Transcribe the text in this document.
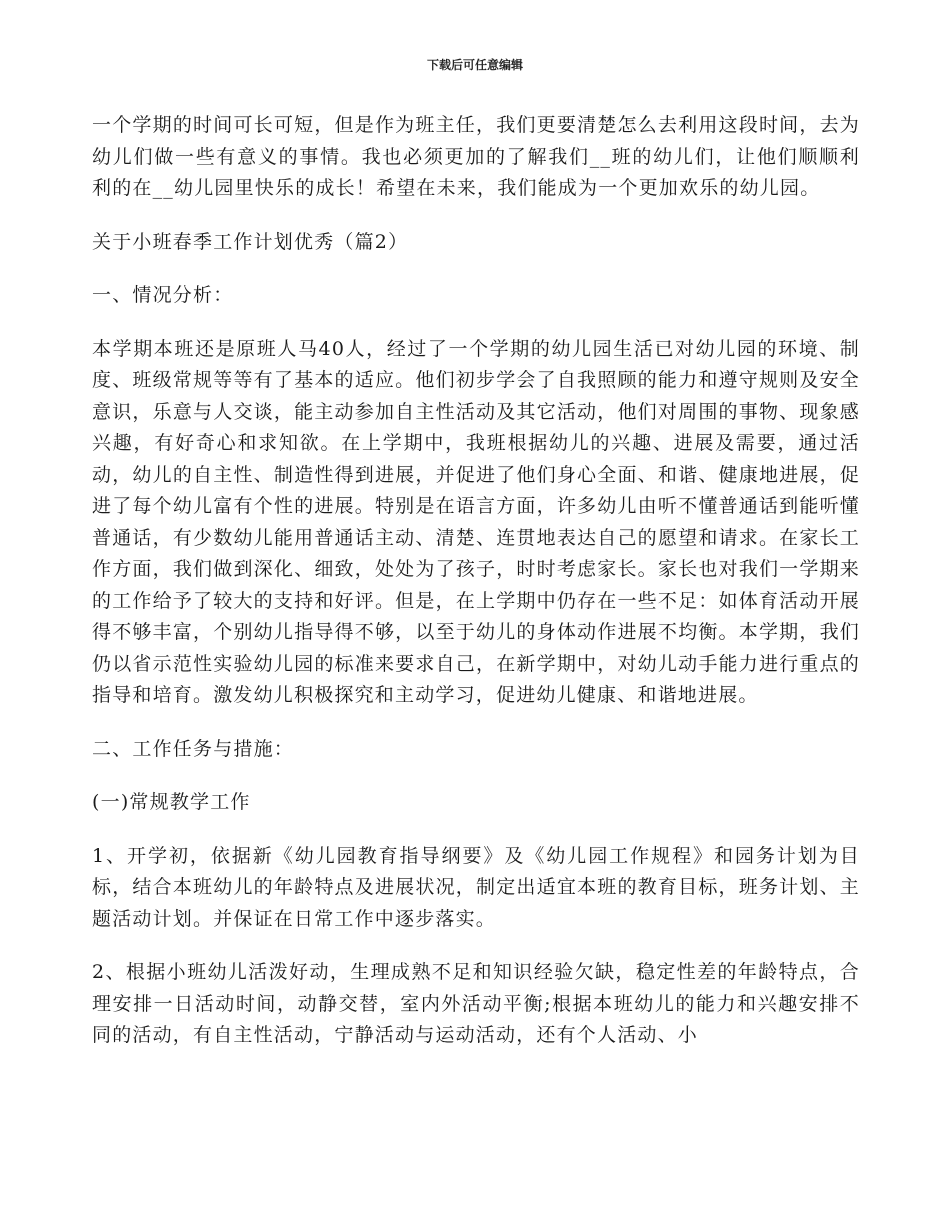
下载后可任意编辑

一个学期的时间可长可短，但是作为班主任，我们更要清楚怎么去利用这段时间，去为幼儿们做一些有意义的事情。我也必须更加的了解我们__班的幼儿们，让他们顺顺利利的在__幼儿园里快乐的成长！希望在未来，我们能成为一个更加欢乐的幼儿园。

关于小班春季工作计划优秀（篇2）

一、情况分析：

本学期本班还是原班人马40人，经过了一个学期的幼儿园生活已对幼儿园的环境、制度、班级常规等等有了基本的适应。他们初步学会了自我照顾的能力和遵守规则及安全意识，乐意与人交谈，能主动参加自主性活动及其它活动，他们对周围的事物、现象感兴趣，有好奇心和求知欲。在上学期中，我班根据幼儿的兴趣、进展及需要，通过活动，幼儿的自主性、制造性得到进展，并促进了他们身心全面、和谐、健康地进展，促进了每个幼儿富有个性的进展。特别是在语言方面，许多幼儿由听不懂普通话到能听懂普通话，有少数幼儿能用普通话主动、清楚、连贯地表达自己的愿望和请求。在家长工作方面，我们做到深化、细致，处处为了孩子，时时考虑家长。家长也对我们一学期来的工作给予了较大的支持和好评。但是，在上学期中仍存在一些不足：如体育活动开展得不够丰富，个别幼儿指导得不够，以至于幼儿的身体动作进展不均衡。本学期，我们仍以省示范性实验幼儿园的标准来要求自己，在新学期中，对幼儿动手能力进行重点的指导和培育。激发幼儿积极探究和主动学习，促进幼儿健康、和谐地进展。

二、工作任务与措施：

(一)常规教学工作

1、开学初，依据新《幼儿园教育指导纲要》及《幼儿园工作规程》和园务计划为目标，结合本班幼儿的年龄特点及进展状况，制定出适宜本班的教育目标，班务计划、主题活动计划。并保证在日常工作中逐步落实。

2、根据小班幼儿活泼好动，生理成熟不足和知识经验欠缺，稳定性差的年龄特点，合理安排一日活动时间，动静交替，室内外活动平衡;根据本班幼儿的能力和兴趣安排不同的活动，有自主性活动，宁静活动与运动活动，还有个人活动、小
